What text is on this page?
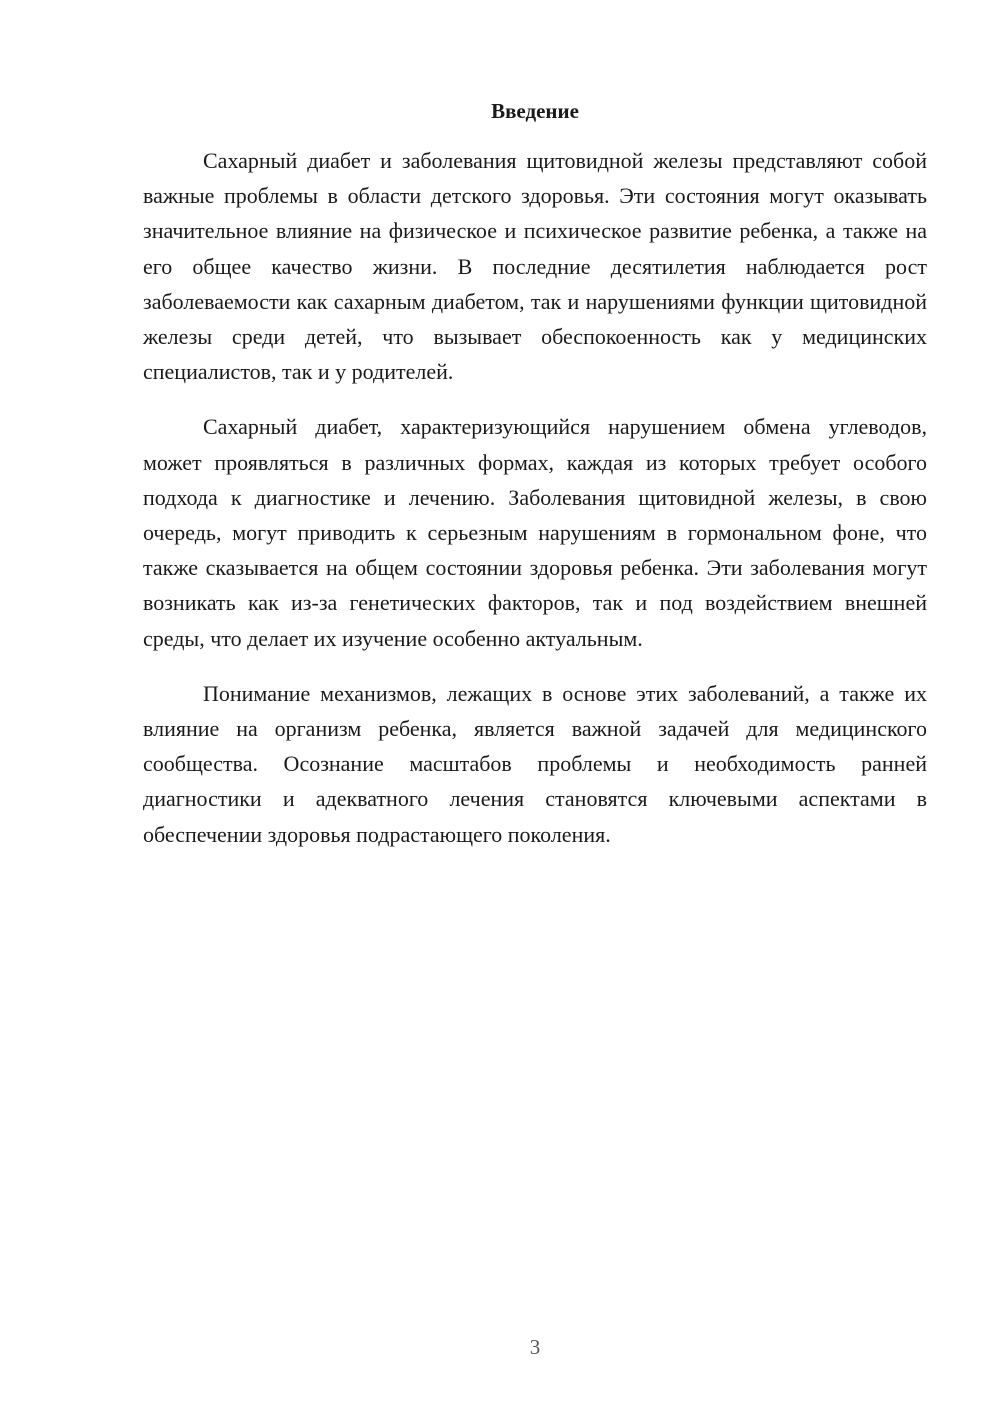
Введение

Сахарный диабет и заболевания щитовидной железы представляют собой важные проблемы в области детского здоровья. Эти состояния могут оказывать значительное влияние на физическое и психическое развитие ребенка, а также на его общее качество жизни. В последние десятилетия наблюдается рост заболеваемости как сахарным диабетом, так и нарушениями функции щитовидной железы среди детей, что вызывает обеспокоенность как у медицинских специалистов, так и у родителей.

Сахарный диабет, характеризующийся нарушением обмена углеводов, может проявляться в различных формах, каждая из которых требует особого подхода к диагностике и лечению. Заболевания щитовидной железы, в свою очередь, могут приводить к серьезным нарушениям в гормональном фоне, что также сказывается на общем состоянии здоровья ребенка. Эти заболевания могут возникать как из-за генетических факторов, так и под воздействием внешней среды, что делает их изучение особенно актуальным.

Понимание механизмов, лежащих в основе этих заболеваний, а также их влияние на организм ребенка, является важной задачей для медицинского сообщества. Осознание масштабов проблемы и необходимость ранней диагностики и адекватного лечения становятся ключевыми аспектами в обеспечении здоровья подрастающего поколения.

3
